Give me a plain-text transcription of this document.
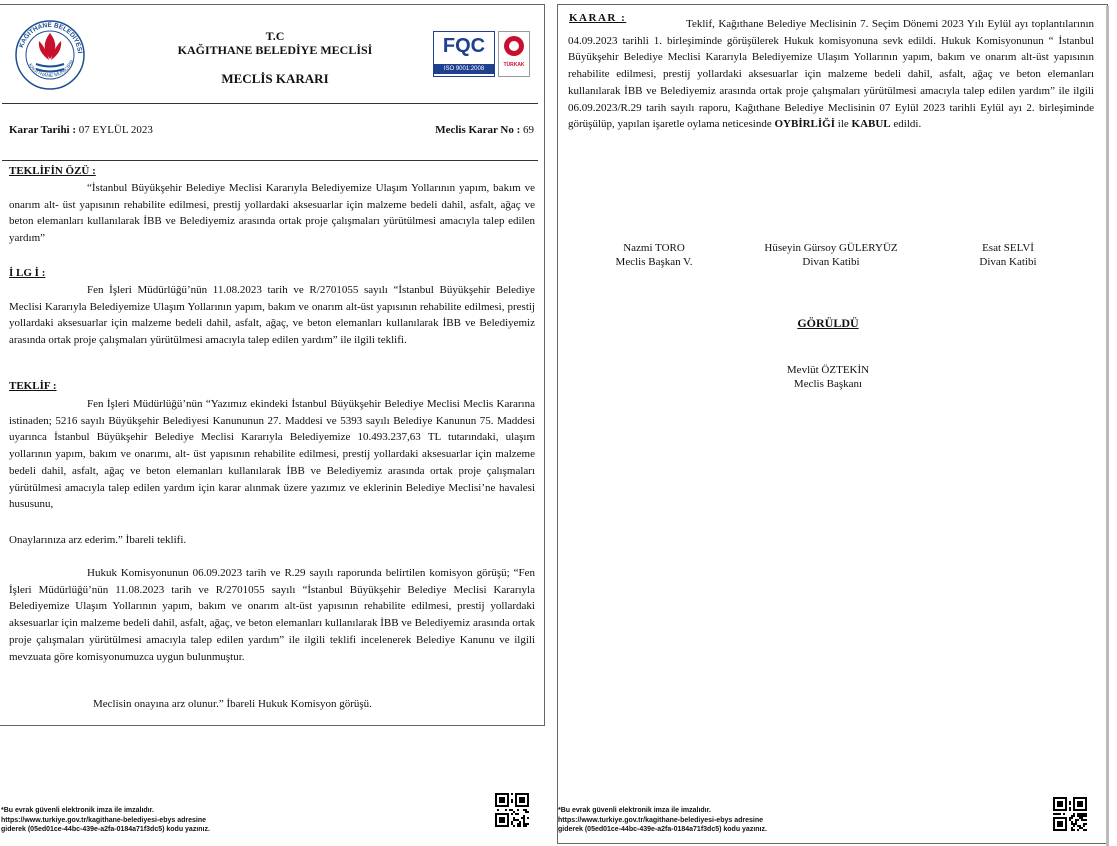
KAĞITHANE BELEDİYESİ
KAGITHANE MUNICIPAL
T.C
KAĞITHANE BELEDİYE MECLİSİ
MECLİS KARARI
FQC
ISO 9001:2008
TÜRKAK
Karar Tarihi : 07 EYLÜL 2023	Meclis Karar No : 69
TEKLİFİN ÖZÜ :
“İstanbul Büyükşehir Belediye Meclisi Kararıyla Belediyemize Ulaşım Yollarının yapım, bakım ve onarım alt- üst yapısının rehabilite edilmesi, prestij yollardaki aksesuarlar için malzeme bedeli dahil, asfalt, ağaç ve beton elemanları kullanılarak İBB ve Belediyemiz arasında ortak proje çalışmaları yürütülmesi amacıyla talep edilen yardım”
İ LG İ :
Fen İşleri Müdürlüğü’nün 11.08.2023 tarih ve R/2701055 sayılı “İstanbul Büyükşehir Belediye Meclisi Kararıyla Belediyemize Ulaşım Yollarının yapım, bakım ve onarım alt-üst yapısının rehabilite edilmesi, prestij yollardaki aksesuarlar için malzeme bedeli dahil, asfalt, ağaç, ve beton elemanları kullanılarak İBB ve Belediyemiz arasında ortak proje çalışmaları yürütülmesi amacıyla talep edilen yardım” ile ilgili teklifi.
TEKLİF :
Fen İşleri Müdürlüğü’nün “Yazımız ekindeki İstanbul Büyükşehir Belediye Meclisi Meclis Kararına istinaden; 5216 sayılı Büyükşehir Belediyesi Kanununun 27. Maddesi ve 5393 sayılı Belediye Kanunun 75. Maddesi uyarınca İstanbul Büyükşehir Belediye Meclisi Kararıyla Belediyemize 10.493.237,63 TL tutarındaki, ulaşım yollarının yapım, bakım ve onarımı, alt- üst yapısının rehabilite edilmesi, prestij yollardaki aksesuarlar için malzeme bedeli dahil, asfalt, ağaç ve beton elemanları kullanılarak İBB ve Belediyemiz arasında ortak proje çalışmaları yürütülmesi amacıyla talep edilen yardım için karar alınmak üzere yazımız ve eklerinin Belediye Meclisi’ne havalesi hususunu,
Onaylarınıza arz ederim.” İbareli teklifi.
Hukuk Komisyonunun 06.09.2023 tarih ve R.29 sayılı raporunda belirtilen komisyon görüşü; “Fen İşleri Müdürlüğü’nün 11.08.2023 tarih ve R/2701055 sayılı “İstanbul Büyükşehir Belediye Meclisi Kararıyla Belediyemize Ulaşım Yollarının yapım, bakım ve onarım alt-üst yapısının rehabilite edilmesi, prestij yollardaki aksesuarlar için malzeme bedeli dahil, asfalt, ağaç, ve beton elemanları kullanılarak İBB ve Belediyemiz arasında ortak proje çalışmaları yürütülmesi amacıyla talep edilen yardım” ile ilgili teklifi incelenerek Belediye Kanunu ve ilgili mevzuata göre komisyonumuzca uygun bulunmuştur.
Meclisin onayına arz olunur.” İbareli Hukuk Komisyon görüşü.
*Bu evrak güvenli elektronik imza ile imzalıdır.
https://www.turkiye.gov.tr/kagithane-belediyesi-ebys adresine
giderek (05ed01ce-44bc-439e-a2fa-0184a71f3dc5) kodu yazınız.
KARAR :	Teklif, Kağıthane Belediye Meclisinin 7. Seçim Dönemi 2023 Yılı Eylül ayı toplantılarının 04.09.2023 tarihli 1. birleşiminde görüşülerek Hukuk komisyonuna sevk edildi. Hukuk Komisyonunun “ İstanbul Büyükşehir Belediye Meclisi Kararıyla Belediyemize Ulaşım Yollarının yapım, bakım ve onarım alt-üst yapısının rehabilite edilmesi, prestij yollardaki aksesuarlar için malzeme bedeli dahil, asfalt, ağaç ve beton elemanları kullanılarak İBB ve Belediyemiz arasında ortak proje çalışmaları yürütülmesi amacıyla talep edilen yardım” ile ilgili 06.09.2023/R.29 tarih sayılı raporu, Kağıthane Belediye Meclisinin 07 Eylül 2023 tarihli Eylül ayı 2. birleşiminde görüşülüp, yapılan işaretle oylama neticesinde OYBİRLİĞİ ile KABUL edildi.
Nazmi TORO
Meclis Başkan V.
Hüseyin Gürsoy GÜLERYÜZ
Divan Katibi
Esat SELVİ
Divan Katibi
GÖRÜLDÜ
Mevlüt ÖZTEKİN
Meclis Başkanı
*Bu evrak güvenli elektronik imza ile imzalıdır.
https://www.turkiye.gov.tr/kagithane-belediyesi-ebys adresine
giderek (05ed01ce-44bc-439e-a2fa-0184a71f3dc5) kodu yazınız.
